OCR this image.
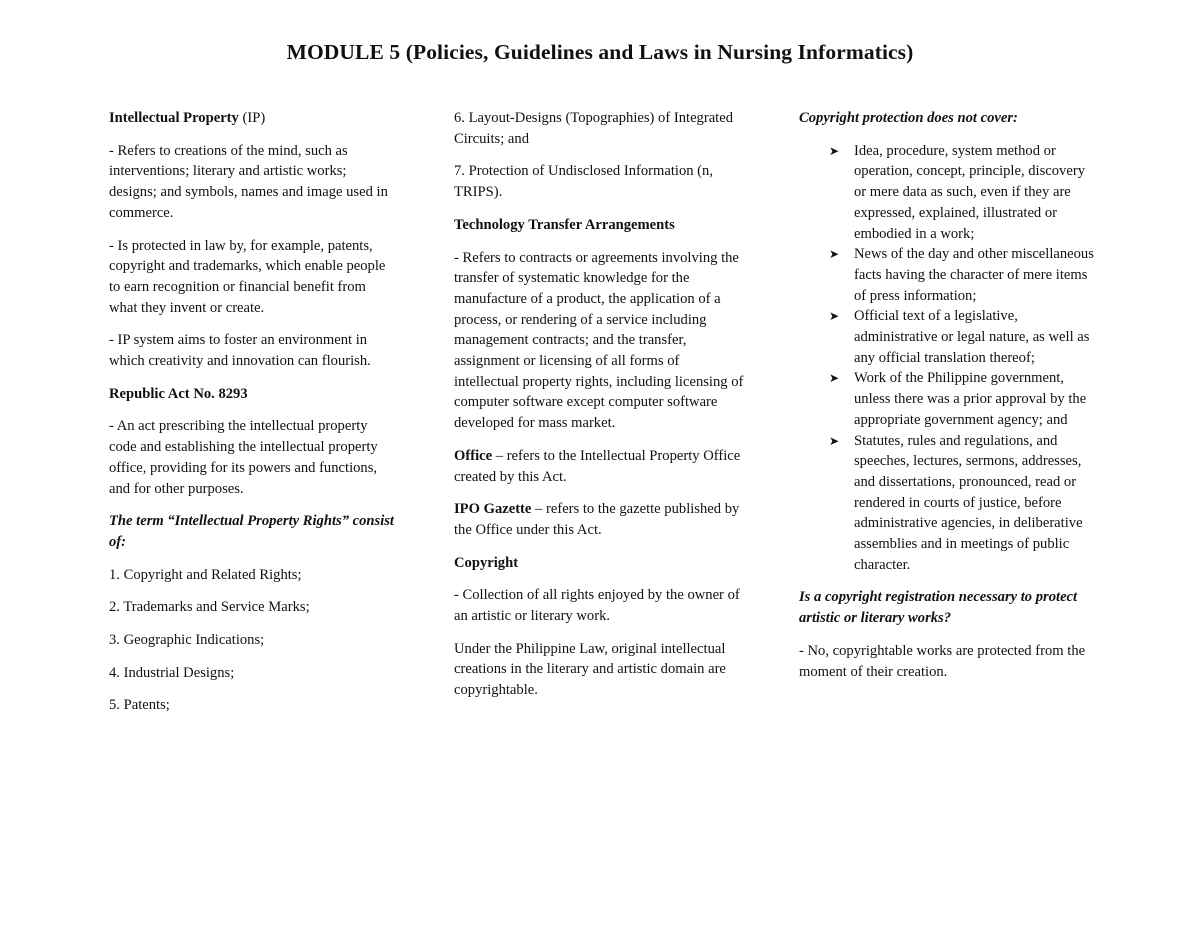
MODULE 5 (Policies, Guidelines and Laws in Nursing Informatics)

Intellectual Property (IP)

- Refers to creations of the mind, such as interventions; literary and artistic works; designs; and symbols, names and image used in commerce.

- Is protected in law by, for example, patents, copyright and trademarks, which enable people to earn recognition or financial benefit from what they invent or create.

- IP system aims to foster an environment in which creativity and innovation can flourish.

Republic Act No. 8293

- An act prescribing the intellectual property code and establishing the intellectual property office, providing for its powers and functions, and for other purposes.

The term “Intellectual Property Rights” consist of:

1. Copyright and Related Rights;

2. Trademarks and Service Marks;

3. Geographic Indications;

4. Industrial Designs;

5. Patents;

6. Layout-Designs (Topographies) of Integrated Circuits; and

7. Protection of Undisclosed Information (n, TRIPS).

Technology Transfer Arrangements

- Refers to contracts or agreements involving the transfer of systematic knowledge for the manufacture of a product, the application of a process, or rendering of a service including management contracts; and the transfer, assignment or licensing of all forms of intellectual property rights, including licensing of computer software except computer software developed for mass market.

Office – refers to the Intellectual Property Office created by this Act.

IPO Gazette – refers to the gazette published by the Office under this Act.

Copyright

- Collection of all rights enjoyed by the owner of an artistic or literary work.

Under the Philippine Law, original intellectual creations in the literary and artistic domain are copyrightable.

Copyright protection does not cover:

➤ Idea, procedure, system method or operation, concept, principle, discovery or mere data as such, even if they are expressed, explained, illustrated or embodied in a work;
➤ News of the day and other miscellaneous facts having the character of mere items of press information;
➤ Official text of a legislative, administrative or legal nature, as well as any official translation thereof;
➤ Work of the Philippine government, unless there was a prior approval by the appropriate government agency; and
➤ Statutes, rules and regulations, and speeches, lectures, sermons, addresses, and dissertations, pronounced, read or rendered in courts of justice, before administrative agencies, in deliberative assemblies and in meetings of public character.

Is a copyright registration necessary to protect artistic or literary works?

- No, copyrightable works are protected from the moment of their creation.
